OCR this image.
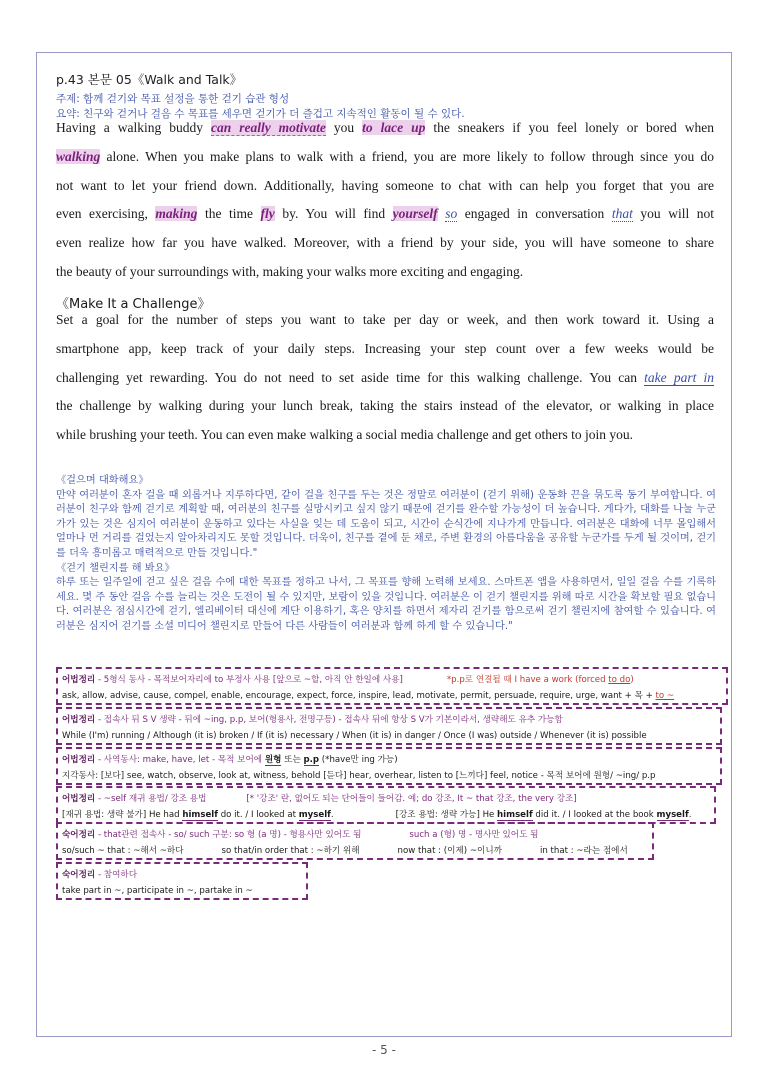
p.43 본문 05《Walk and Talk》
주제: 함께 걷기와 목표 설정을 통한 걷기 습관 형성
요약: 친구와 걷거나 걸음 수 목표를 세우면 걷기가 더 즐겁고 지속적인 활동이 될 수 있다.
Having a walking buddy can really motivate you to lace up the sneakers if you feel lonely or bored when
walking alone. When you make plans to walk with a friend, you are more likely to follow through since you do
not want to let your friend down. Additionally, having someone to chat with can help you forget that you are
even exercising, making the time fly by. You will find yourself so engaged in conversation that you will not
even realize how far you have walked. Moreover, with a friend by your side, you will have someone to share
the beauty of your surroundings with, making your walks more exciting and engaging.
《Make It a Challenge》
Set a goal for the number of steps you want to take per day or week, and then work toward it. Using a
smartphone app, keep track of your daily steps. Increasing your step count over a few weeks would be
challenging yet rewarding. You do not need to set aside time for this walking challenge. You can take part in
the challenge by walking during your lunch break, taking the stairs instead of the elevator, or walking in place
while brushing your teeth. You can even make walking a social media challenge and get others to join you.
《걸으며 대화해요》
만약 여러분이 혼자 걸을 때 외롭거나 지루하다면, 같이 걸을 친구를 두는 것은 정말로 여러분이 (걷기 위해) 운동화 끈을 묶도록 동기 부여합니다. 여러분이 친구와 함께 걷기로 계획할 때, 여러분의 친구를 실망시키고 싶지 않기 때문에 걷기를 완수할 가능성이 더 높습니다. 게다가, 대화를 나눌 누군가가 있는 것은 심지어 여러분이 운동하고 있다는 사실을 잊는 데 도움이 되고, 시간이 순식간에 지나가게 만듭니다. 여러분은 대화에 너무 몰입해서 얼마나 먼 거리를 걸었는지 알아차리지도 못할 것입니다. 더욱이, 친구를 곁에 둔 채로, 주변 환경의 아름다움을 공유할 누군가를 두게 될 것이며, 걷기를 더욱 흥미롭고 매력적으로 만들 것입니다."
《걷기 챌린지를 해 봐요》
하루 또는 일주일에 걷고 싶은 걸음 수에 대한 목표를 정하고 나서, 그 목표를 향해 노력해 보세요. 스마트폰 앱을 사용하면서, 일일 걸음 수를 기록하세요. 몇 주 동안 걸음 수를 늘리는 것은 도전이 될 수 있지만, 보람이 있을 것입니다. 여러분은 이 걷기 챌린지를 위해 따로 시간을 확보할 필요 없습니다. 여러분은 점심시간에 걷기, 엘리베이터 대신에 계단 이용하기, 혹은 양치를 하면서 제자리 걷기를 함으로써 걷기 챌린지에 참여할 수 있습니다. 여러분은 심지어 걷기를 소셜 미디어 챌린지로 만들어 다른 사람들이 여러분과 함께 하게 할 수 있습니다."
어법정리 - 5형식 동사 - 목적보어자리에 to 부정사 사용 [앞으로 ~할, 아직 안 한일에 사용]	*p.p로 연결될 때 I have a work (forced to do)
ask, allow, advise, cause, compel, enable, encourage, expect, force, inspire, lead, motivate, permit, persuade, require, urge, want + 목 + to ~
어법정리 - 접속사 뒤 S V 생략 - 뒤에 ~ing, p.p, 보어(형용사, 전명구등) - 접속사 뒤에 항상 S V가 기본이라서, 생략해도 유추 가능함
While (I'm) running / Although (it is) broken / If (it is) necessary / When (it is) in danger / Once (I was) outside / Whenever (it is) possible
어법정리 - 사역동사: make, have, let - 목적 보어에 원형 또는 p.p (*have만 ing 가능)
지각동사: [보다] see, watch, observe, look at, witness, behold [듣다] hear, overhear, listen to [느끼다] feel, notice - 목적 보어에 원형/ ~ing/ p.p
어법정리 - ~self 재귀 용법/ 강조 용법	[* '강조' 란, 없어도 되는 단어들이 들어감. 예; do 강조, It ~ that 강조, the very 강조]
[재귀 용법: 생략 불가] He had himself do it. / I looked at myself.	[강조 용법: 생략 가능] He himself did it. / I looked at the book myself.
숙어정리 - that관련 접속사 - so/ such 구분: so 형 (a 명) - 형용사만 있어도 됨	such a (형) 명 - 명사만 있어도 됨
so/such ~ that : ~해서 ~하다	so that/in order that : ~하기 위해	now that : (이제) ~이니까	in that : ~라는 점에서
숙어정리 - 참여하다
take part in ~, participate in ~, partake in ~
- 5 -
